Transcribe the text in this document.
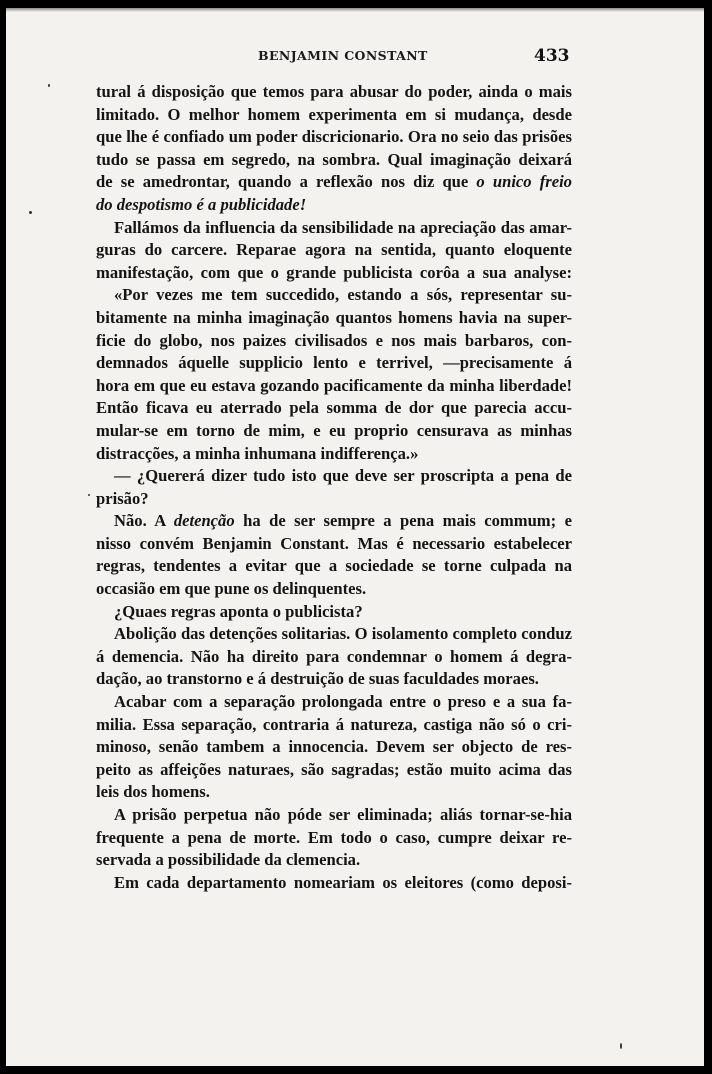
BENJAMIN CONSTANT	433
tural á disposição que temos para abusar do poder, ainda o mais
limitado. O melhor homem experimenta em si mudança, desde
que lhe é confiado um poder discricionario. Ora no seio das prisões
tudo se passa em segredo, na sombra. Qual imaginação deixará
de se amedrontar, quando a reflexão nos diz que o unico freio
do despotismo é a publicidade!
Fallámos da influencia da sensibilidade na apreciação das amar-
guras do carcere. Reparae agora na sentida, quanto eloquente
manifestação, com que o grande publicista corôa a sua analyse:
«Por vezes me tem succedido, estando a sós, representar su-
bitamente na minha imaginação quantos homens havia na super-
ficie do globo, nos paizes civilisados e nos mais barbaros, con-
demnados áquelle supplicio lento e terrivel, —precisamente á
hora em que eu estava gozando pacificamente da minha liberdade!
Então ficava eu aterrado pela somma de dor que parecia accu-
mular-se em torno de mim, e eu proprio censurava as minhas
distracções, a minha inhumana indifferença.»
— ¿Quererá dizer tudo isto que deve ser proscripta a pena de
prisão?
Não. A detenção ha de ser sempre a pena mais commum; e
nisso convém Benjamin Constant. Mas é necessario estabelecer
regras, tendentes a evitar que a sociedade se torne culpada na
occasião em que pune os delinquentes.
¿Quaes regras aponta o publicista?
Abolição das detenções solitarias. O isolamento completo conduz
á demencia. Não ha direito para condemnar o homem á degra-
dação, ao transtorno e á destruição de suas faculdades moraes.
Acabar com a separação prolongada entre o preso e a sua fa-
milia. Essa separação, contraria á natureza, castiga não só o cri-
minoso, senão tambem a innocencia. Devem ser objecto de res-
peito as affeições naturaes, são sagradas; estão muito acima das
leis dos homens.
A prisão perpetua não póde ser eliminada; aliás tornar-se-hia
frequente a pena de morte. Em todo o caso, cumpre deixar re-
servada a possibilidade da clemencia.
Em cada departamento nomeariam os eleitores (como deposi-
